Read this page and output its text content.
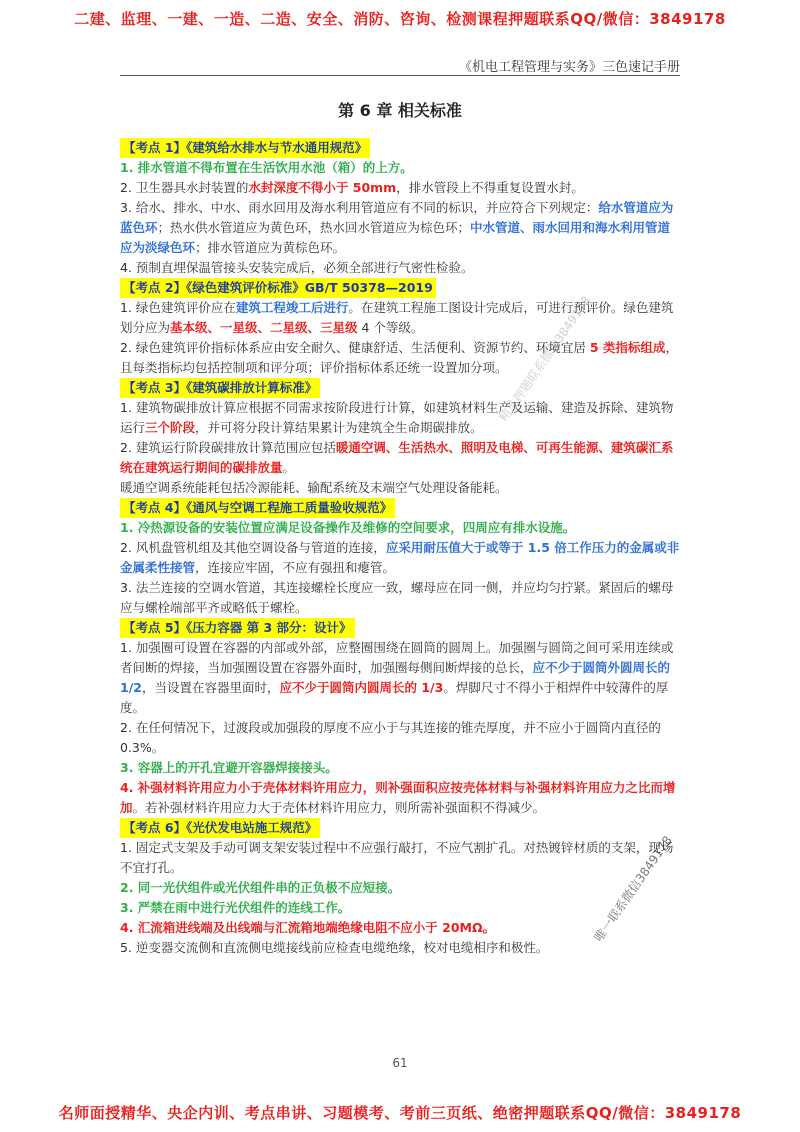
二建、监理、一建、一造、二造、安全、消防、咨询、检测课程押题联系QQ/微信：3849178
《机电工程管理与实务》三色速记手册
第 6 章 相关标准
精准押题联系微信3849178
唯一联系微信3849178

【考点 1】《建筑给水排水与节水通用规范》

1. 排水管道不得布置在生活饮用水池（箱）的上方。

2. 卫生器具水封装置的水封深度不得小于 50mm，排水管段上不得重复设置水封。

3. 给水、排水、中水、雨水回用及海水利用管道应有不同的标识，并应符合下列规定：给水管道应为蓝色环；热水供水管道应为黄色环，热水回水管道应为棕色环；中水管道、雨水回用和海水利用管道应为淡绿色环；排水管道应为黄棕色环。

4. 预制直埋保温管接头安装完成后，必须全部进行气密性检验。

【考点 2】《绿色建筑评价标准》GB/T 50378—2019

1. 绿色建筑评价应在建筑工程竣工后进行。在建筑工程施工图设计完成后，可进行预评价。绿色建筑划分应为基本级、一星级、二星级、三星级 4 个等级。

2. 绿色建筑评价指标体系应由安全耐久、健康舒适、生活便利、资源节约、环境宜居 5 类指标组成，且每类指标均包括控制项和评分项；评价指标体系还统一设置加分项。

【考点 3】《建筑碳排放计算标准》

1. 建筑物碳排放计算应根据不同需求按阶段进行计算，如建筑材料生产及运输、建造及拆除、建筑物运行三个阶段，并可将分段计算结果累计为建筑全生命期碳排放。

2. 建筑运行阶段碳排放计算范围应包括暖通空调、生活热水、照明及电梯、可再生能源、建筑碳汇系统在建筑运行期间的碳排放量。

暖通空调系统能耗包括冷源能耗、输配系统及末端空气处理设备能耗。

【考点 4】《通风与空调工程施工质量验收规范》

1. 冷热源设备的安装位置应满足设备操作及维修的空间要求，四周应有排水设施。

2. 风机盘管机组及其他空调设备与管道的连接，应采用耐压值大于或等于 1.5 倍工作压力的金属或非金属柔性接管，连接应牢固，不应有强扭和瘪管。

3. 法兰连接的空调水管道，其连接螺栓长度应一致，螺母应在同一侧，并应均匀拧紧。紧固后的螺母应与螺栓端部平齐或略低于螺栓。

【考点 5】《压力容器 第 3 部分：设计》

1. 加强圈可设置在容器的内部或外部，应整圈围绕在圆筒的圆周上。加强圈与圆筒之间可采用连续或者间断的焊接，当加强圈设置在容器外面时，加强圈每侧间断焊接的总长，应不少于圆筒外圆周长的 1/2，当设置在容器里面时，应不少于圆筒内圆周长的 1/3。焊脚尺寸不得小于相焊件中较薄件的厚度。

2. 在任何情况下，过渡段或加强段的厚度不应小于与其连接的锥壳厚度，并不应小于圆筒内直径的 0.3%。

3. 容器上的开孔宜避开容器焊接接头。

4. 补强材料许用应力小于壳体材料许用应力，则补强面积应按壳体材料与补强材料许用应力之比而增加。若补强材料许用应力大于壳体材料许用应力，则所需补强面积不得减少。

【考点 6】《光伏发电站施工规范》

1. 固定式支架及手动可调支架安装过程中不应强行敲打，不应气割扩孔。对热镀锌材质的支架，现场不宜打孔。

2. 同一光伏组件或光伏组件串的正负极不应短接。

3. 严禁在雨中进行光伏组件的连线工作。

4. 汇流箱进线端及出线端与汇流箱地端绝缘电阻不应小于 20MΩ。

5. 逆变器交流侧和直流侧电缆接线前应检查电缆绝缘，校对电缆相序和极性。

61
名师面授精华、央企内训、考点串讲、习题模考、考前三页纸、绝密押题联系QQ/微信：3849178
